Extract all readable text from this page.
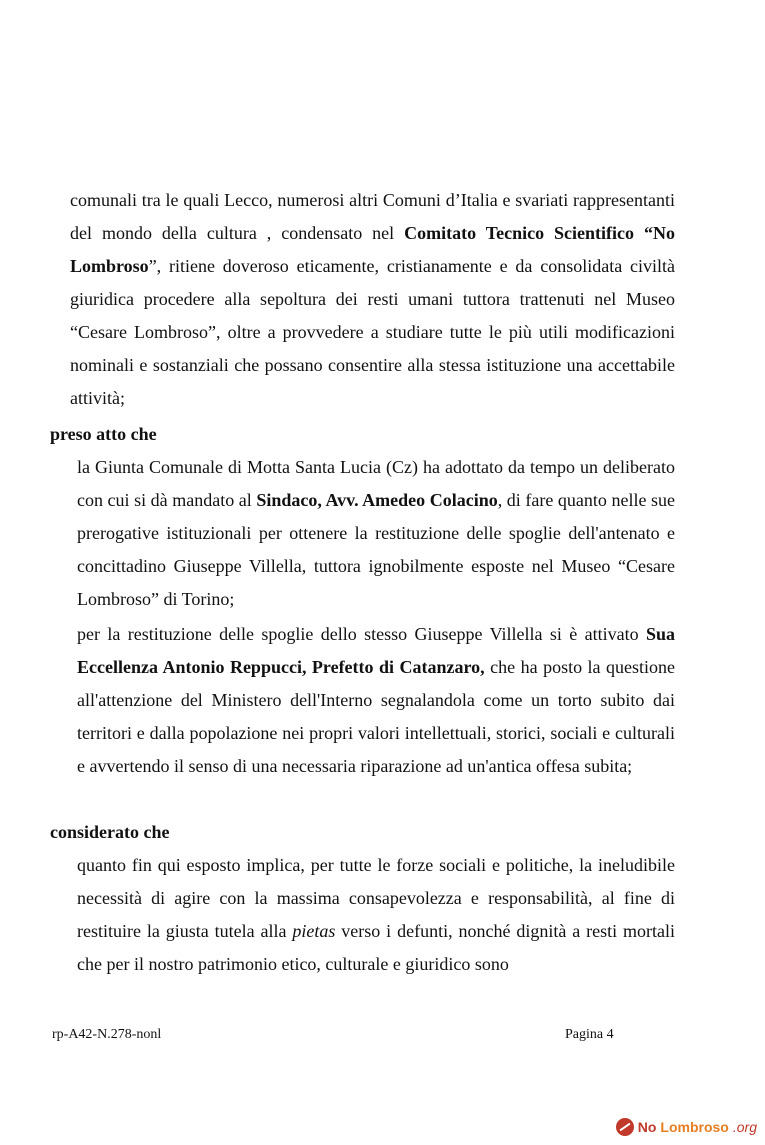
comunali tra le quali Lecco, numerosi altri Comuni d’Italia e svariati rappresentanti del mondo della cultura , condensato nel Comitato Tecnico Scientifico “No Lombroso”, ritiene doveroso eticamente, cristianamente e da consolidata civiltà giuridica procedere alla sepoltura dei resti umani tuttora trattenuti nel Museo “Cesare Lombroso”, oltre a provvedere a studiare tutte le più utili modificazioni nominali e sostanziali che possano consentire alla stessa istituzione una accettabile attività;

preso atto che

la Giunta Comunale di Motta Santa Lucia (Cz) ha adottato da tempo un deliberato con cui si dà mandato al Sindaco, Avv. Amedeo Colacino, di fare quanto nelle sue prerogative istituzionali per ottenere la restituzione delle spoglie dell'antenato e concittadino Giuseppe Villella, tuttora ignobilmente esposte nel Museo “Cesare Lombroso” di Torino;

per la restituzione delle spoglie dello stesso Giuseppe Villella si è attivato Sua Eccellenza Antonio Reppucci, Prefetto di Catanzaro, che ha posto la questione all'attenzione del Ministero dell'Interno segnalandola come un torto subito dai territori e dalla popolazione nei propri valori intellettuali, storici, sociali e culturali e avvertendo il senso di una necessaria riparazione ad un'antica offesa subita;

considerato che

quanto fin qui esposto implica, per tutte le forze sociali e politiche, la ineludibile necessità di agire con la massima consapevolezza e responsabilità, al fine di restituire la giusta tutela alla pietas verso i defunti, nonché dignità a resti mortali che per il nostro patrimonio etico, culturale e giuridico sono

rp-A42-N.278-nonl	Pagina 4
No Lombroso .org
